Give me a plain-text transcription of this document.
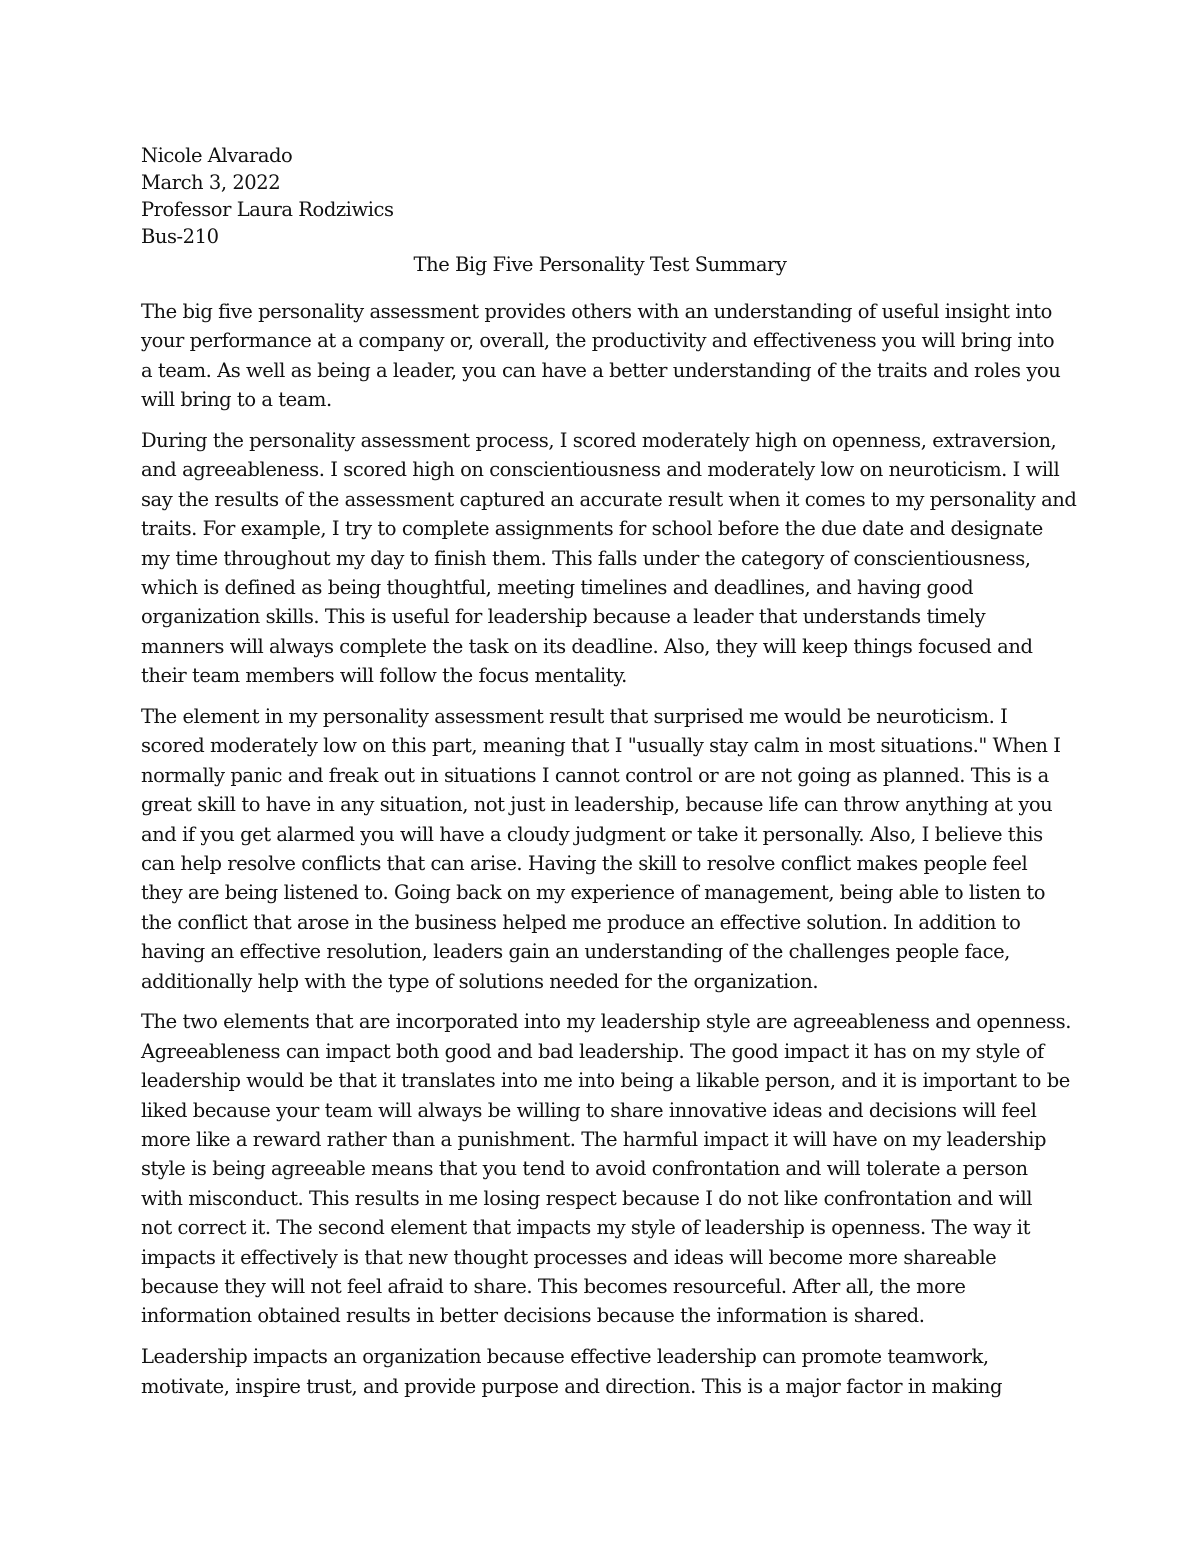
Nicole Alvarado
March 3, 2022
Professor Laura Rodziwics
Bus-210
The Big Five Personality Test Summary
The big five personality assessment provides others with an understanding of useful insight into
your performance at a company or, overall, the productivity and effectiveness you will bring into
a team. As well as being a leader, you can have a better understanding of the traits and roles you
will bring to a team.
During the personality assessment process, I scored moderately high on openness, extraversion,
and agreeableness. I scored high on conscientiousness and moderately low on neuroticism. I will
say the results of the assessment captured an accurate result when it comes to my personality and
traits. For example, I try to complete assignments for school before the due date and designate
my time throughout my day to finish them. This falls under the category of conscientiousness,
which is defined as being thoughtful, meeting timelines and deadlines, and having good
organization skills. This is useful for leadership because a leader that understands timely
manners will always complete the task on its deadline. Also, they will keep things focused and
their team members will follow the focus mentality.
The element in my personality assessment result that surprised me would be neuroticism. I
scored moderately low on this part, meaning that I "usually stay calm in most situations." When I
normally panic and freak out in situations I cannot control or are not going as planned. This is a
great skill to have in any situation, not just in leadership, because life can throw anything at you
and if you get alarmed you will have a cloudy judgment or take it personally. Also, I believe this
can help resolve conflicts that can arise. Having the skill to resolve conflict makes people feel
they are being listened to. Going back on my experience of management, being able to listen to
the conflict that arose in the business helped me produce an effective solution. In addition to
having an effective resolution, leaders gain an understanding of the challenges people face,
additionally help with the type of solutions needed for the organization.
The two elements that are incorporated into my leadership style are agreeableness and openness.
Agreeableness can impact both good and bad leadership. The good impact it has on my style of
leadership would be that it translates into me into being a likable person, and it is important to be
liked because your team will always be willing to share innovative ideas and decisions will feel
more like a reward rather than a punishment. The harmful impact it will have on my leadership
style is being agreeable means that you tend to avoid confrontation and will tolerate a person
with misconduct. This results in me losing respect because I do not like confrontation and will
not correct it. The second element that impacts my style of leadership is openness. The way it
impacts it effectively is that new thought processes and ideas will become more shareable
because they will not feel afraid to share. This becomes resourceful. After all, the more
information obtained results in better decisions because the information is shared.
Leadership impacts an organization because effective leadership can promote teamwork,
motivate, inspire trust, and provide purpose and direction. This is a major factor in making
